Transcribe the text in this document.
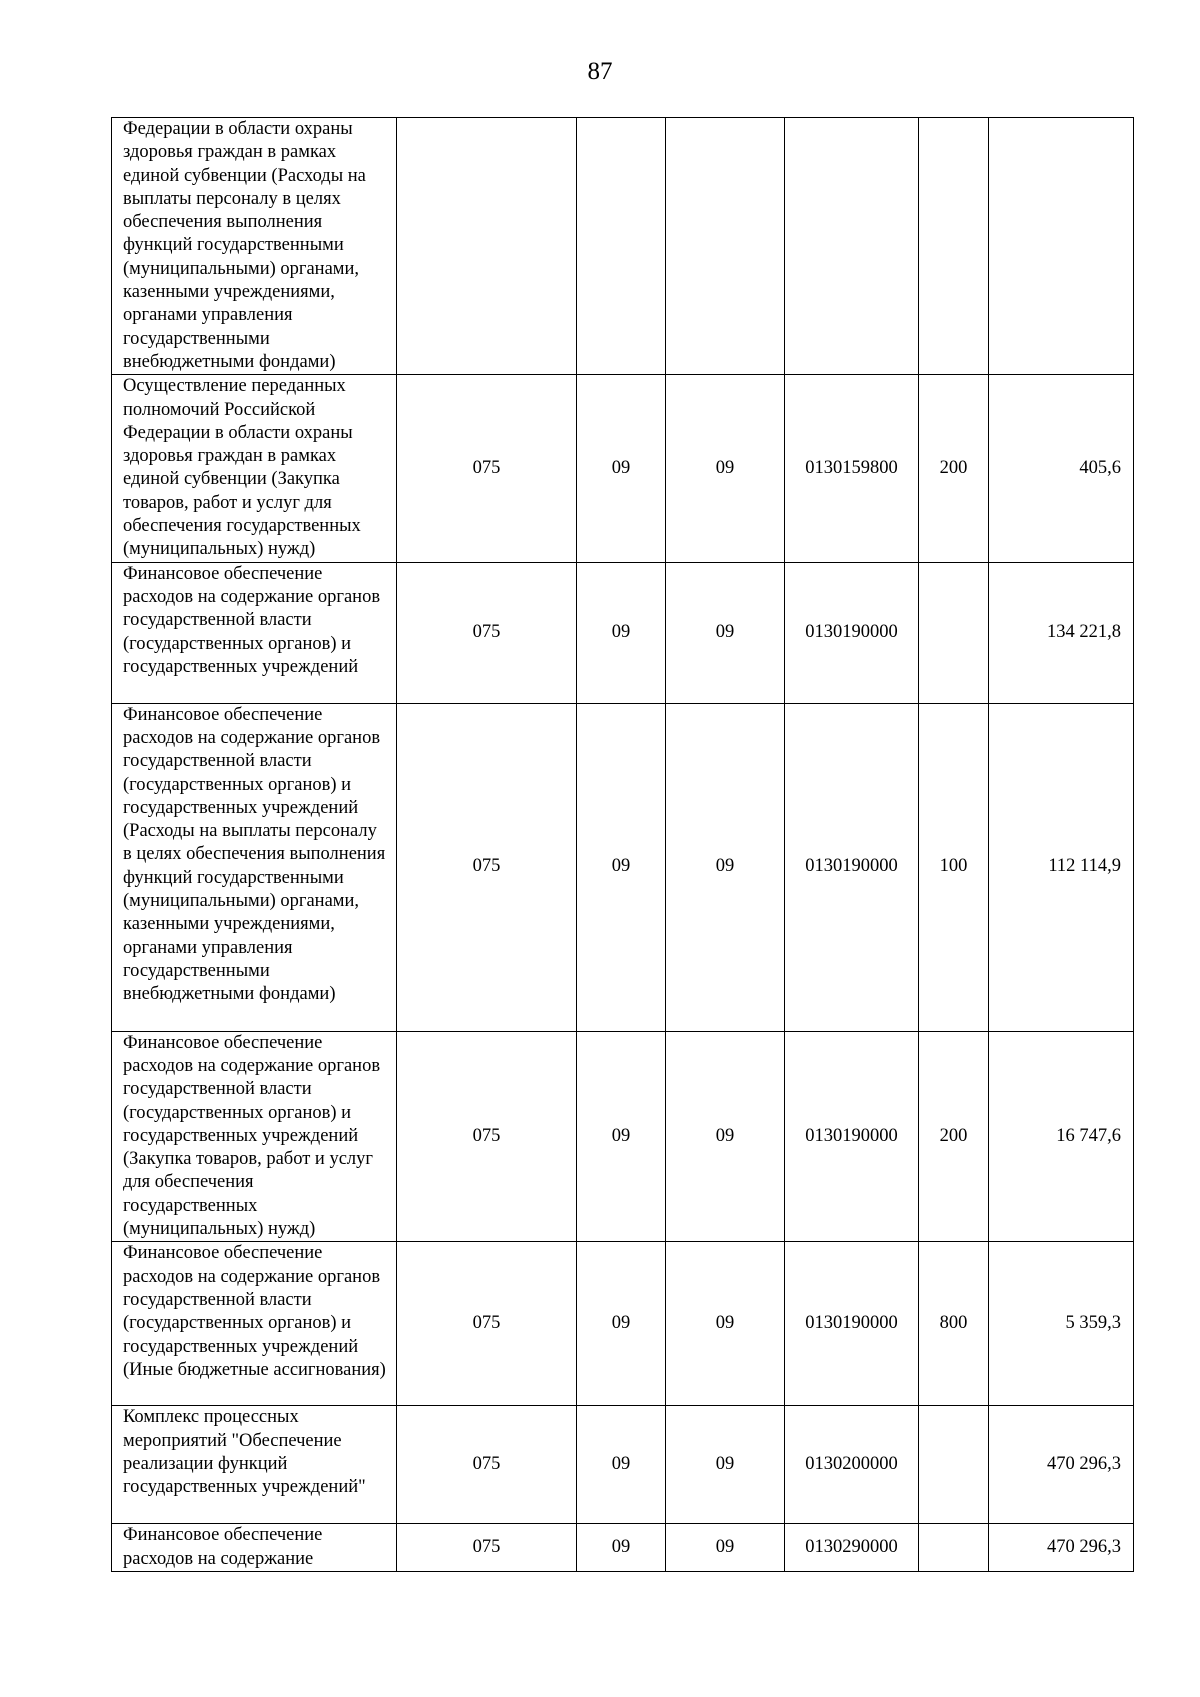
87
Федерации в области охраны здоровья граждан в рамках единой субвенции (Расходы на выплаты персоналу в целях обеспечения выполнения функций государственными (муниципальными) органами, казенными учреждениями, органами управления государственными внебюджетными фондами)						
Осуществление переданных полномочий Российской Федерации в области охраны здоровья граждан в рамках единой субвенции (Закупка товаров, работ и услуг для обеспечения государственных (муниципальных) нужд)	075	09	09	0130159800	200	405,6
Финансовое обеспечение расходов на содержание органов государственной власти (государственных органов) и государственных учреждений	075	09	09	0130190000		134 221,8
Финансовое обеспечение расходов на содержание органов государственной власти (государственных органов) и государственных учреждений (Расходы на выплаты персоналу в целях обеспечения выполнения функций государственными (муниципальными) органами, казенными учреждениями, органами управления государственными внебюджетными фондами)	075	09	09	0130190000	100	112 114,9
Финансовое обеспечение расходов на содержание органов государственной власти (государственных органов) и государственных учреждений (Закупка товаров, работ и услуг для обеспечения государственных (муниципальных) нужд)	075	09	09	0130190000	200	16 747,6
Финансовое обеспечение расходов на содержание органов государственной власти (государственных органов) и государственных учреждений (Иные бюджетные ассигнования)	075	09	09	0130190000	800	5 359,3
Комплекс процессных мероприятий "Обеспечение реализации функций государственных учреждений"	075	09	09	0130200000		470 296,3
Финансовое обеспечение расходов на содержание	075	09	09	0130290000		470 296,3
